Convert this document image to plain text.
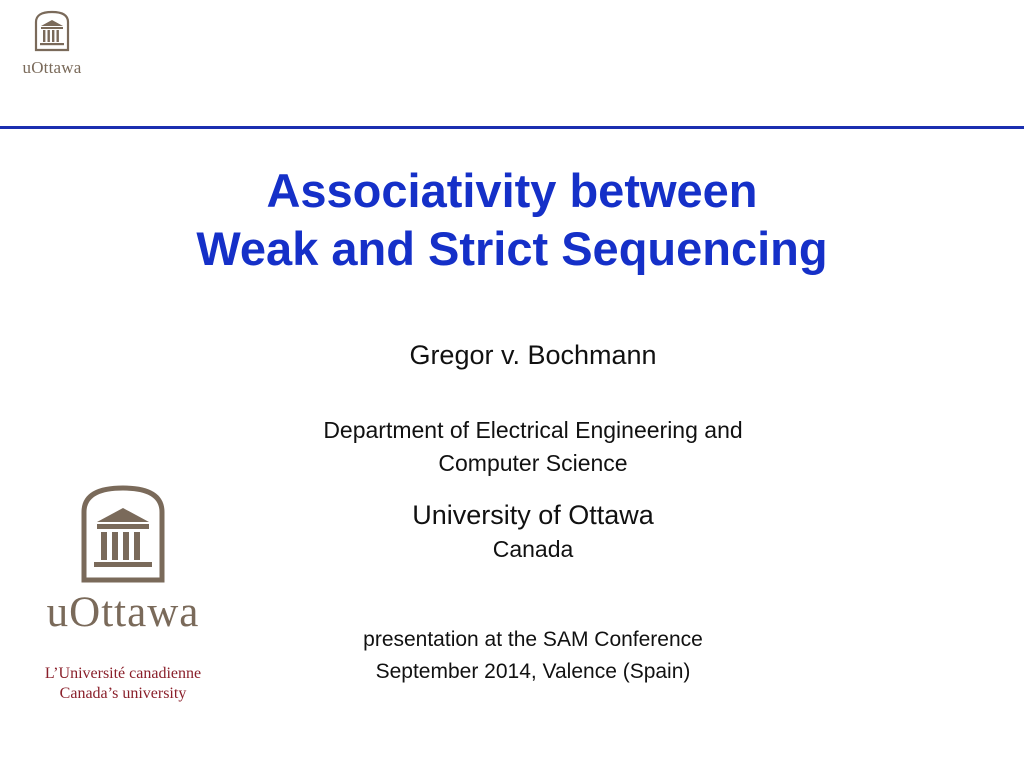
uOttawa
Associativity between
Weak and Strict Sequencing
Gregor v. Bochmann
Department of Electrical Engineering and
Computer Science
University of Ottawa
Canada
presentation at the SAM Conference
September 2014, Valence (Spain)
uOttawa
L’Université canadienne
Canada’s university
